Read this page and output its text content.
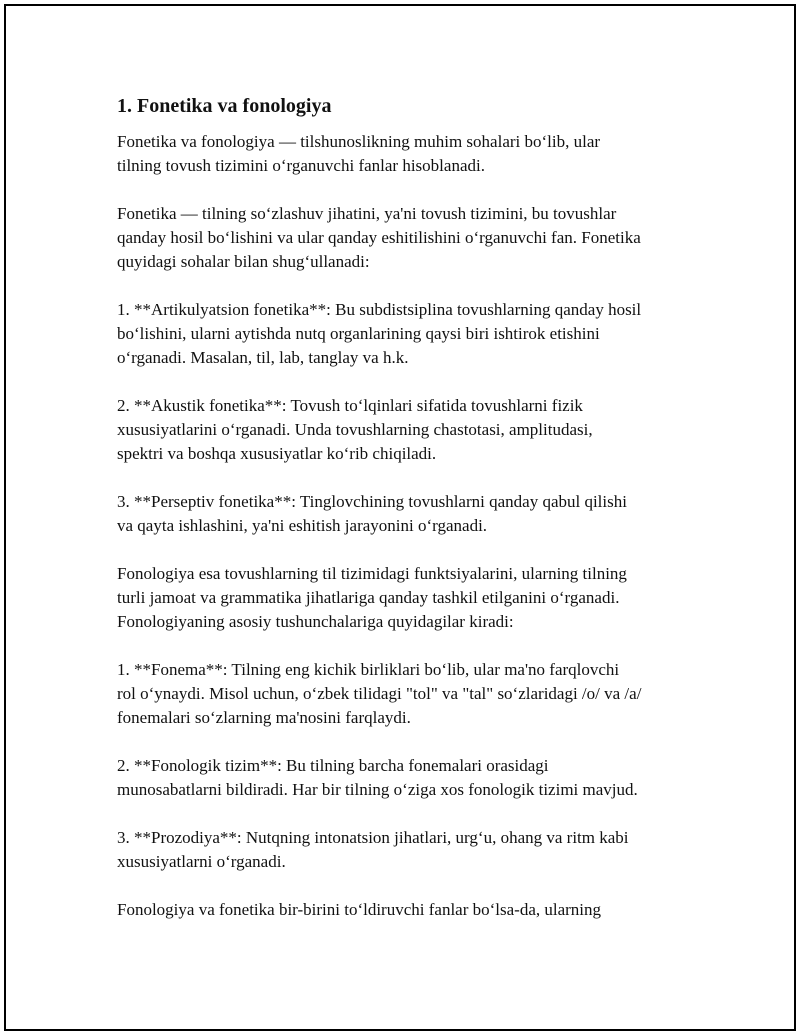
1. Fonetika va fonologiya

Fonetika va fonologiya — tilshunoslikning muhim sohalari bo‘lib, ular
tilning tovush tizimini o‘rganuvchi fanlar hisoblanadi.

Fonetika — tilning so‘zlashuv jihatini, ya'ni tovush tizimini, bu tovushlar
qanday hosil bo‘lishini va ular qanday eshitilishini o‘rganuvchi fan. Fonetika
quyidagi sohalar bilan shug‘ullanadi:

1. **Artikulyatsion fonetika**: Bu subdistsiplina tovushlarning qanday hosil
bo‘lishini, ularni aytishda nutq organlarining qaysi biri ishtirok etishini
o‘rganadi. Masalan, til, lab, tanglay va h.k.

2. **Akustik fonetika**: Tovush to‘lqinlari sifatida tovushlarni fizik
xususiyatlarini o‘rganadi. Unda tovushlarning chastotasi, amplitudasi,
spektri va boshqa xususiyatlar ko‘rib chiqiladi.

3. **Perseptiv fonetika**: Tinglovchining tovushlarni qanday qabul qilishi
va qayta ishlashini, ya'ni eshitish jarayonini o‘rganadi.

Fonologiya esa tovushlarning til tizimidagi funktsiyalarini, ularning tilning
turli jamoat va grammatika jihatlariga qanday tashkil etilganini o‘rganadi.
Fonologiyaning asosiy tushunchalariga quyidagilar kiradi:

1. **Fonema**: Tilning eng kichik birliklari bo‘lib, ular ma'no farqlovchi
rol o‘ynaydi. Misol uchun, o‘zbek tilidagi "tol" va "tal" so‘zlaridagi /o/ va /a/
fonemalari so‘zlarning ma'nosini farqlaydi.

2. **Fonologik tizim**: Bu tilning barcha fonemalari orasidagi
munosabatlarni bildiradi. Har bir tilning o‘ziga xos fonologik tizimi mavjud.

3. **Prozodiya**: Nutqning intonatsion jihatlari, urg‘u, ohang va ritm kabi
xususiyatlarni o‘rganadi.

Fonologiya va fonetika bir-birini to‘ldiruvchi fanlar bo‘lsa-da, ularning
